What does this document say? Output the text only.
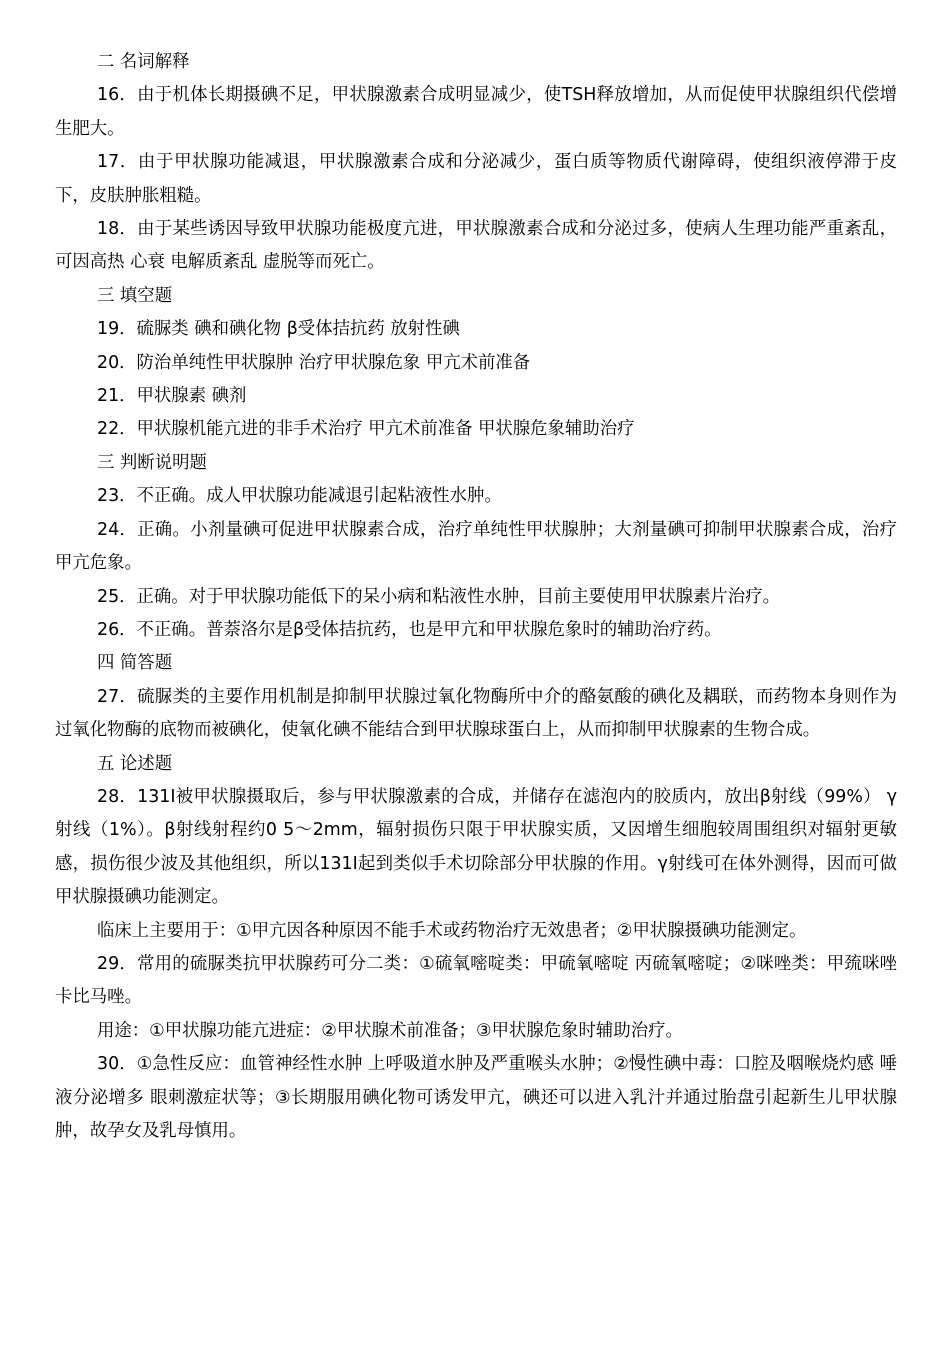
二 名词解释

16．由于机体长期摄碘不足，甲状腺激素合成明显减少，使TSH释放增加，从而促使甲状腺组织代偿增生肥大。

17．由于甲状腺功能减退，甲状腺激素合成和分泌减少，蛋白质等物质代谢障碍，使组织液停滞于皮下，皮肤肿胀粗糙。

18．由于某些诱因导致甲状腺功能极度亢进，甲状腺激素合成和分泌过多，使病人生理功能严重紊乱，可因高热 心衰 电解质紊乱 虚脱等而死亡。

三 填空题

19．硫脲类 碘和碘化物 β受体拮抗药 放射性碘

20．防治单纯性甲状腺肿 治疗甲状腺危象 甲亢术前准备

21．甲状腺素 碘剂

22．甲状腺机能亢进的非手术治疗 甲亢术前准备 甲状腺危象辅助治疗

三 判断说明题

23．不正确。成人甲状腺功能减退引起粘液性水肿。

24．正确。小剂量碘可促进甲状腺素合成，治疗单纯性甲状腺肿；大剂量碘可抑制甲状腺素合成，治疗甲亢危象。

25．正确。对于甲状腺功能低下的呆小病和粘液性水肿，目前主要使用甲状腺素片治疗。

26．不正确。普萘洛尔是β受体拮抗药，也是甲亢和甲状腺危象时的辅助治疗药。

四 简答题

27．硫脲类的主要作用机制是抑制甲状腺过氧化物酶所中介的酪氨酸的碘化及耦联，而药物本身则作为过氧化物酶的底物而被碘化，使氧化碘不能结合到甲状腺球蛋白上，从而抑制甲状腺素的生物合成。

五 论述题

28．131I被甲状腺摄取后，参与甲状腺激素的合成，并储存在滤泡内的胶质内，放出β射线（99%） γ射线（1%）。β射线射程约0 5～2mm，辐射损伤只限于甲状腺实质，又因增生细胞较周围组织对辐射更敏感，损伤很少波及其他组织，所以131I起到类似手术切除部分甲状腺的作用。γ射线可在体外测得，因而可做甲状腺摄碘功能测定。

临床上主要用于：①甲亢因各种原因不能手术或药物治疗无效患者；②甲状腺摄碘功能测定。

29．常用的硫脲类抗甲状腺药可分二类：①硫氧嘧啶类：甲硫氧嘧啶 丙硫氧嘧啶；②咪唑类：甲巯咪唑 卡比马唑。

用途：①甲状腺功能亢进症：②甲状腺术前准备；③甲状腺危象时辅助治疗。

30．①急性反应：血管神经性水肿 上呼吸道水肿及严重喉头水肿；②慢性碘中毒：口腔及咽喉烧灼感 唾液分泌增多 眼刺激症状等；③长期服用碘化物可诱发甲亢，碘还可以进入乳汁并通过胎盘引起新生儿甲状腺肿，故孕女及乳母慎用。
